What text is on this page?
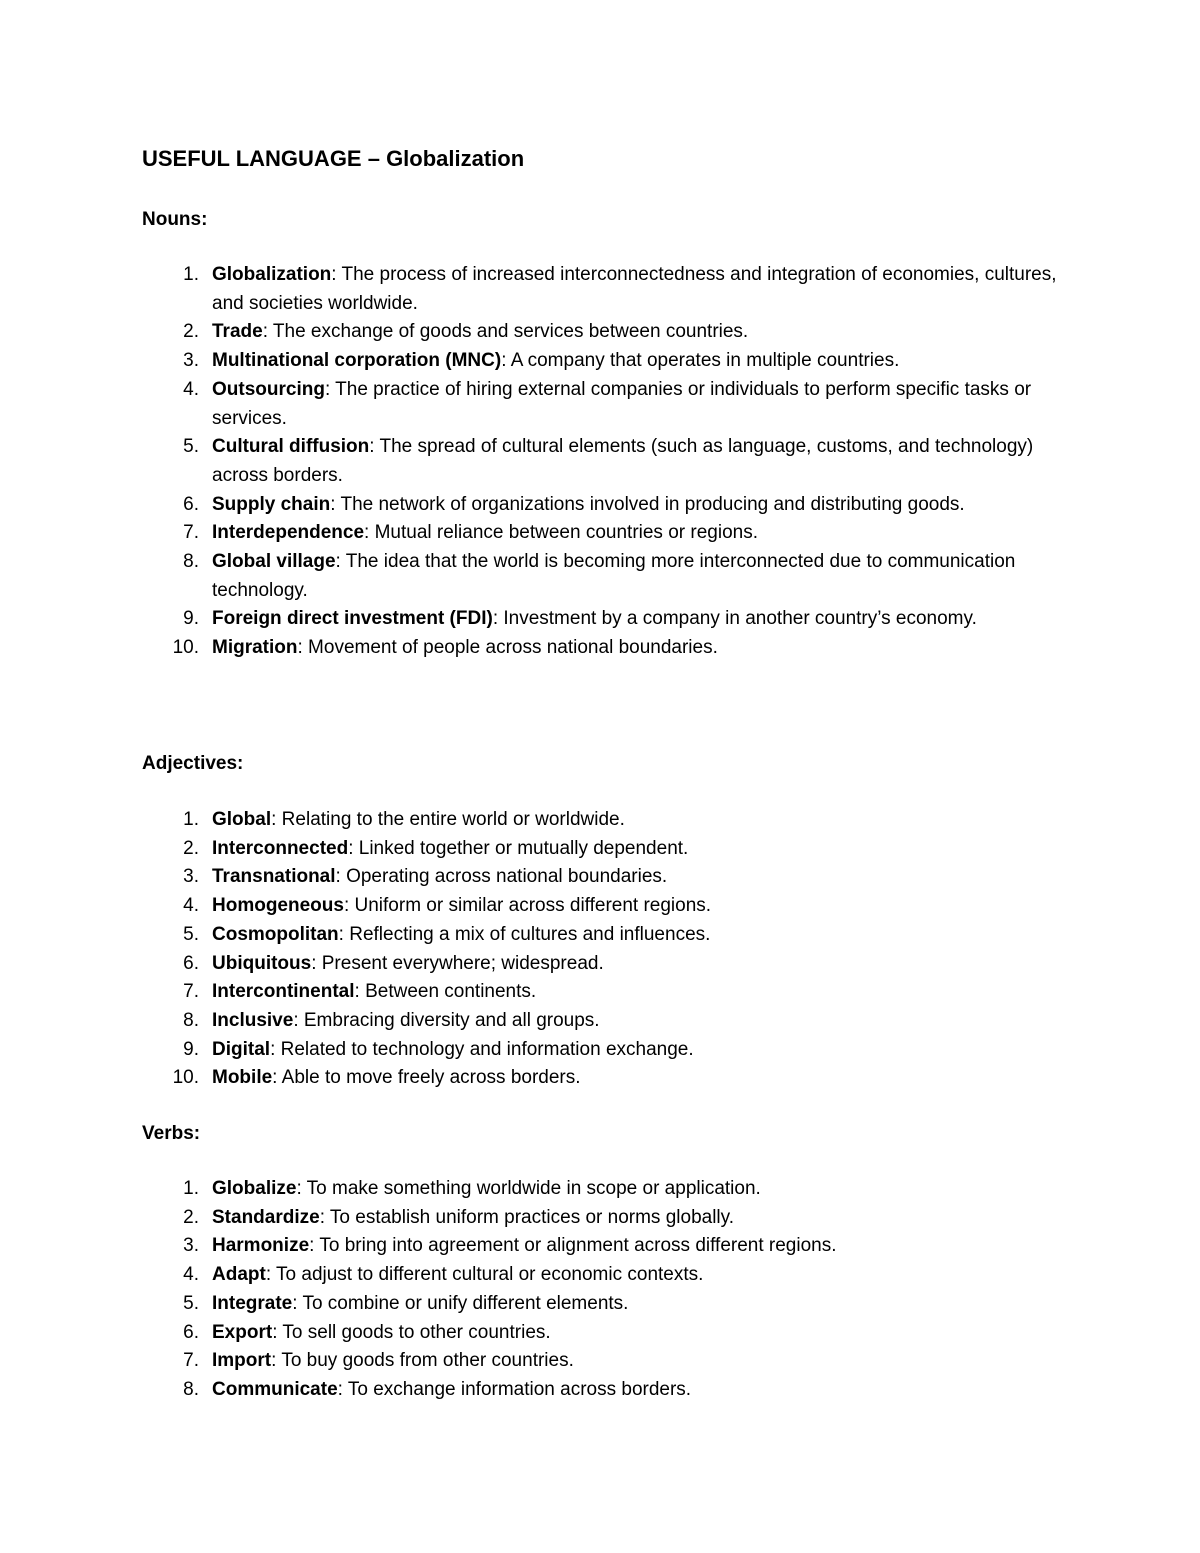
USEFUL LANGUAGE – Globalization
Nouns:
1. Globalization: The process of increased interconnectedness and integration of economies, cultures, and societies worldwide.
2. Trade: The exchange of goods and services between countries.
3. Multinational corporation (MNC): A company that operates in multiple countries.
4. Outsourcing: The practice of hiring external companies or individuals to perform specific tasks or services.
5. Cultural diffusion: The spread of cultural elements (such as language, customs, and technology) across borders.
6. Supply chain: The network of organizations involved in producing and distributing goods.
7. Interdependence: Mutual reliance between countries or regions.
8. Global village: The idea that the world is becoming more interconnected due to communication technology.
9. Foreign direct investment (FDI): Investment by a company in another country’s economy.
10. Migration: Movement of people across national boundaries.
Adjectives:
1. Global: Relating to the entire world or worldwide.
2. Interconnected: Linked together or mutually dependent.
3. Transnational: Operating across national boundaries.
4. Homogeneous: Uniform or similar across different regions.
5. Cosmopolitan: Reflecting a mix of cultures and influences.
6. Ubiquitous: Present everywhere; widespread.
7. Intercontinental: Between continents.
8. Inclusive: Embracing diversity and all groups.
9. Digital: Related to technology and information exchange.
10. Mobile: Able to move freely across borders.
Verbs:
1. Globalize: To make something worldwide in scope or application.
2. Standardize: To establish uniform practices or norms globally.
3. Harmonize: To bring into agreement or alignment across different regions.
4. Adapt: To adjust to different cultural or economic contexts.
5. Integrate: To combine or unify different elements.
6. Export: To sell goods to other countries.
7. Import: To buy goods from other countries.
8. Communicate: To exchange information across borders.
